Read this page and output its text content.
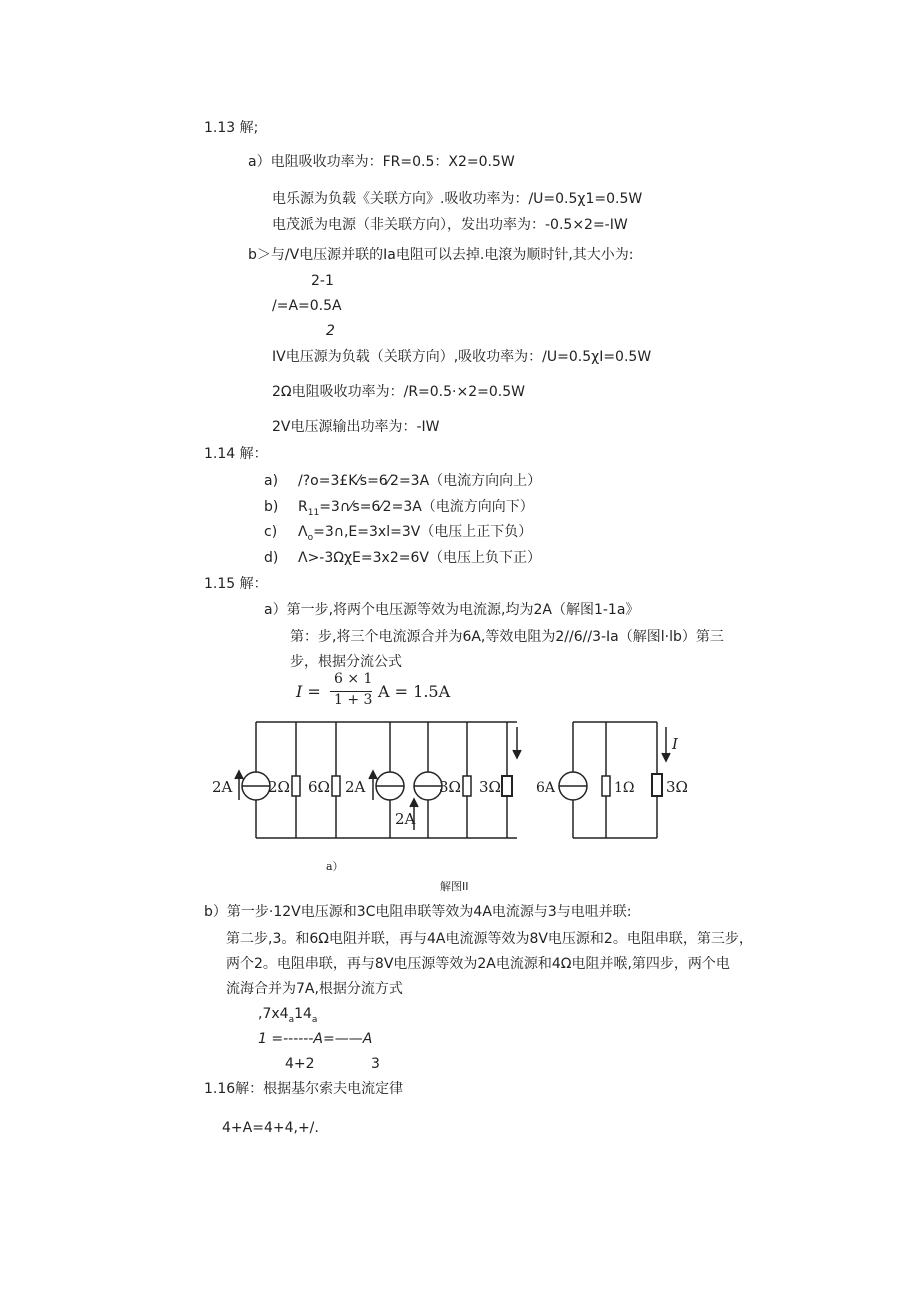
1.13 解;
a）电阻吸收功率为：FR=0.5：X2=0.5W
电乐源为负载《关联方向》.吸收功率为：/U=0.5χ1=0.5W
电茂派为电源（非关联方向），发出功率为：-0.5×2=-IW
b＞与/V电压源并联的Ia电阻可以去掉.电滾为顺时针,其大小为:
2-1
/=A=0.5A
2
IV电压源为负载（关联方向）,吸收功率为：/U=0.5χI=0.5W
2Ω电阻吸收功率为：/R=0.5·×2=0.5W
2V电压源输出功率为：-IW
1.14 解：
a) /?o=3£K⁄s=6⁄2=3A（电流方向向上）
b) $R_{11}=3\cap⁄s=6⁄2=3A$（电流方向向下）
c) $\Lambda_o=3\cap,E=3xl=3V$（电压上正下负）
d) Λ>-3ΩχE=3x2=6V（电压上负下正）
1.15 解：
a）第一步,将两个电压源等效为电流源,均为2A（解图1-1a》
第：步,将三个电流源合并为6A,等效电阻为2//6//3-Ia（解图l·lb）第三
步，根据分流公式
I =
6 × 1
1 + 3 A = 1.5A
2A 2Ω 6Ω 2A
2A
3Ω 3Ω
a）
6A	1Ω 3Ω
I
解图II
b）第一步·12V电压源和3C电阻串联等效为4A电流源与3与电咀并联:
第二步,3。和6Ω电阻并联，再与4A电流源等效为8V电压源和2。电阻串联，第三步，
两个2。电阻串联，再与8V电压源等效为2A电流源和4Ω电阻并喉,第四步，两个电
流海合并为7A,根据分流方式
$,7x4_a14_a$
1 =------A=——A
4+2	3
1.16解：根据基尔索夫电流定律
4+A=4+4,+/.
